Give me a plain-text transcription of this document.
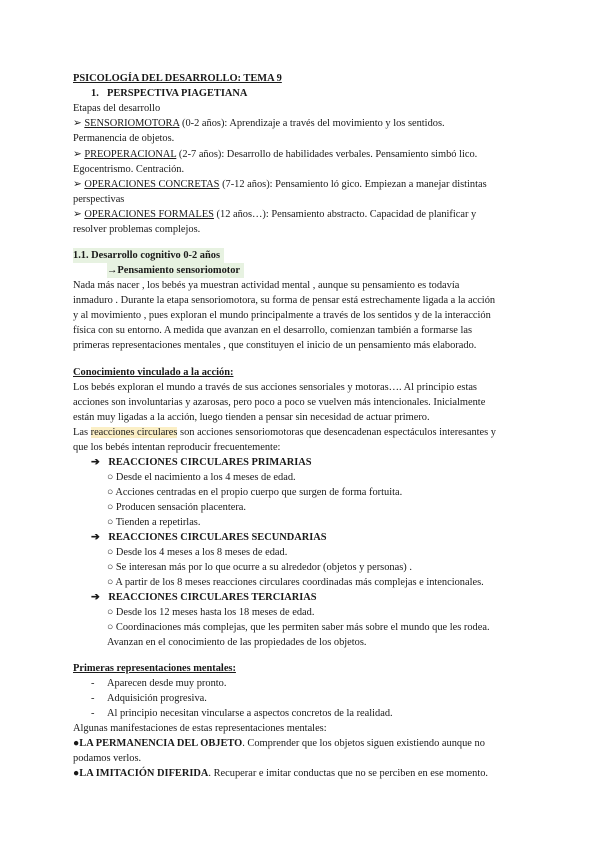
PSICOLOGÍA DEL DESARROLLO: TEMA 9
1. PERSPECTIVA PIAGETIANA
Etapas del desarrollo
➢ SENSORIOMOTORA (0-2 años): Aprendizaje a través del movimiento y los sentidos.
Permanencia de objetos.
➢ PREOPERACIONAL (2-7 años): Desarrollo de habilidades verbales. Pensamiento simbó lico.
Egocentrismo. Centración.
➢ OPERACIONES CONCRETAS (7-12 años): Pensamiento ló gico. Empiezan a manejar distintas
perspectivas
➢ OPERACIONES FORMALES (12 años…): Pensamiento abstracto. Capacidad de planificar y
resolver problemas complejos.
1.1. Desarrollo cognitivo 0-2 años
→Pensamiento sensoriomotor
Nada más nacer , los bebés ya muestran actividad mental , aunque su pensamiento es todavía
inmaduro . Durante la etapa sensoriomotora, su forma de pensar está estrechamente ligada a la acción
y al movimiento , pues exploran el mundo principalmente a través de los sentidos y de la interacción
física con su entorno. A medida que avanzan en el desarrollo, comienzan también a formarse las
primeras representaciones mentales , que constituyen el inicio de un pensamiento más elaborado.
Conocimiento vinculado a la acción:
Los bebés exploran el mundo a través de sus acciones sensoriales y motoras…. Al principio estas
acciones son involuntarias y azarosas, pero poco a poco se vuelven más intencionales. Inicialmente
están muy ligadas a la acción, luego tienden a pensar sin necesidad de actuar primero.
Las reacciones circulares son acciones sensoriomotoras que desencadenan espectáculos interesantes y
que los bebés intentan reproducir frecuentemente:
➔ REACCIONES CIRCULARES PRIMARIAS
○ Desde el nacimiento a los 4 meses de edad.
○ Acciones centradas en el propio cuerpo que surgen de forma fortuita.
○ Producen sensación placentera.
○ Tienden a repetirlas.
➔ REACCIONES CIRCULARES SECUNDARIAS
○ Desde los 4 meses a los 8 meses de edad.
○ Se interesan más por lo que ocurre a su alrededor (objetos y personas) .
○ A partir de los 8 meses reacciones circulares coordinadas más complejas e intencionales.
➔ REACCIONES CIRCULARES TERCIARIAS
○ Desde los 12 meses hasta los 18 meses de edad.
○ Coordinaciones más complejas, que les permiten saber más sobre el mundo que les rodea.
Avanzan en el conocimiento de las propiedades de los objetos.
Primeras representaciones mentales:
- Aparecen desde muy pronto.
- Adquisición progresiva.
- Al principio necesitan vincularse a aspectos concretos de la realidad.
Algunas manifestaciones de estas representaciones mentales:
●LA PERMANENCIA DEL OBJETO. Comprender que los objetos siguen existiendo aunque no
podamos verlos.
●LA IMITACIÓN DIFERIDA. Recuperar e imitar conductas que no se perciben en ese momento.
